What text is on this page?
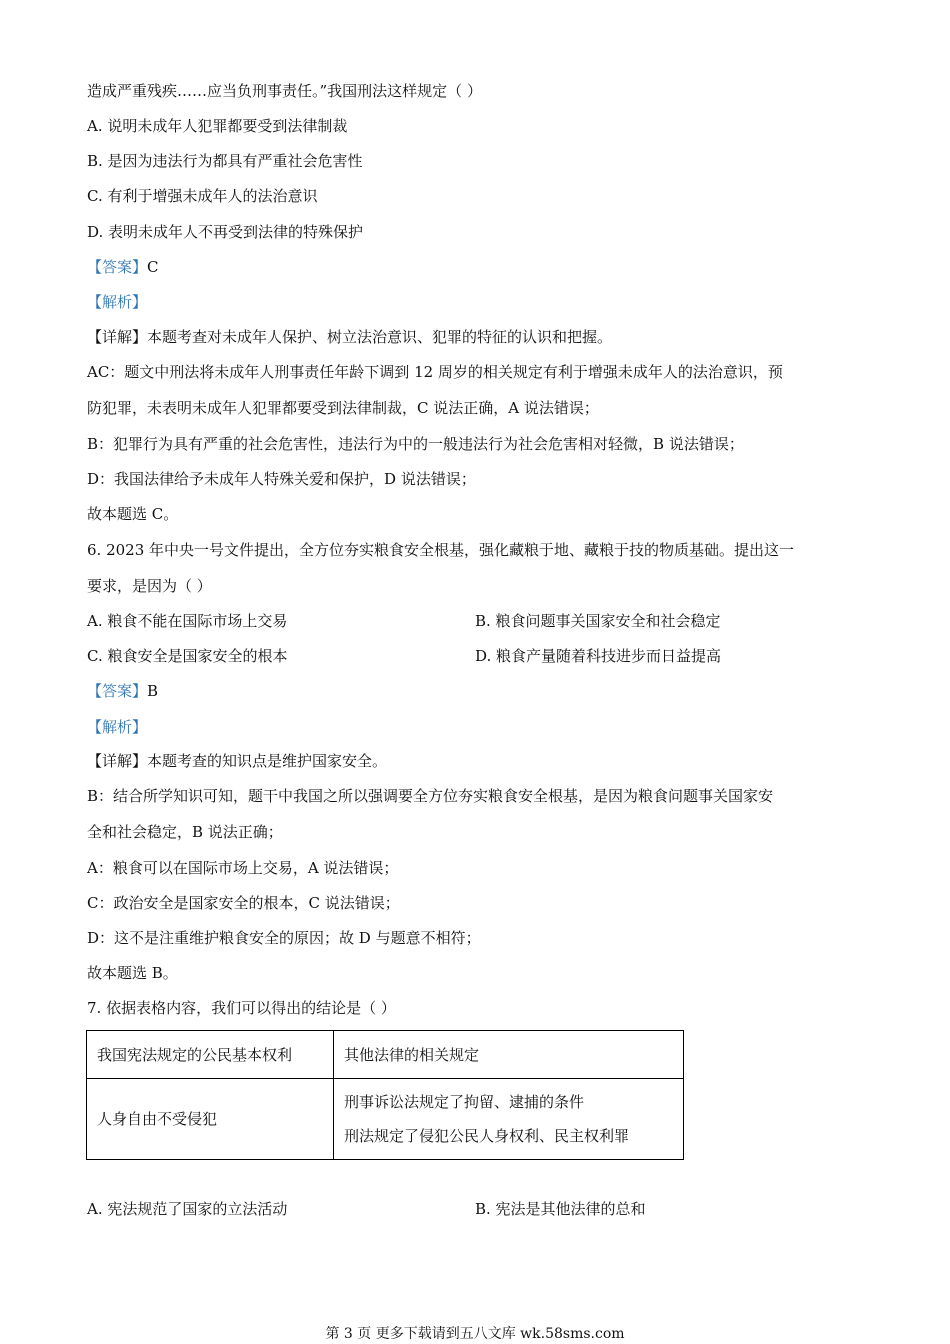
造成严重残疾……应当负刑事责任。”我国刑法这样规定（ ）
A. 说明未成年人犯罪都要受到法律制裁
B. 是因为违法行为都具有严重社会危害性
C. 有利于增强未成年人的法治意识
D. 表明未成年人不再受到法律的特殊保护
【答案】C
【解析】
【详解】本题考查对未成年人保护、树立法治意识、犯罪的特征的认识和把握。
AC：题文中刑法将未成年人刑事责任年龄下调到 12 周岁的相关规定有利于增强未成年人的法治意识，预
防犯罪，未表明未成年人犯罪都要受到法律制裁，C 说法正确，A 说法错误；
B：犯罪行为具有严重的社会危害性，违法行为中的一般违法行为社会危害相对轻微，B 说法错误；
D：我国法律给予未成年人特殊关爱和保护，D 说法错误；
故本题选 C。
6. 2023 年中央一号文件提出，全方位夯实粮食安全根基，强化藏粮于地、藏粮于技的物质基础。提出这一
要求，是因为（ ）
A. 粮食不能在国际市场上交易	B. 粮食问题事关国家安全和社会稳定
C. 粮食安全是国家安全的根本	D. 粮食产量随着科技进步而日益提高
【答案】B
【解析】
【详解】本题考查的知识点是维护国家安全。
B：结合所学知识可知，题干中我国之所以强调要全方位夯实粮食安全根基，是因为粮食问题事关国家安
全和社会稳定，B 说法正确；
A：粮食可以在国际市场上交易，A 说法错误；
C：政治安全是国家安全的根本，C 说法错误；
D：这不是注重维护粮食安全的原因；故 D 与题意不相符；
故本题选 B。
7. 依据表格内容，我们可以得出的结论是（ ）
我国宪法规定的公民基本权利	其他法律的相关规定
人身自由不受侵犯	刑事诉讼法规定了拘留、逮捕的条件
刑法规定了侵犯公民人身权利、民主权利罪
A. 宪法规范了国家的立法活动	B. 宪法是其他法律的总和
第 3 页 更多下载请到五八文库 wk.58sms.com
